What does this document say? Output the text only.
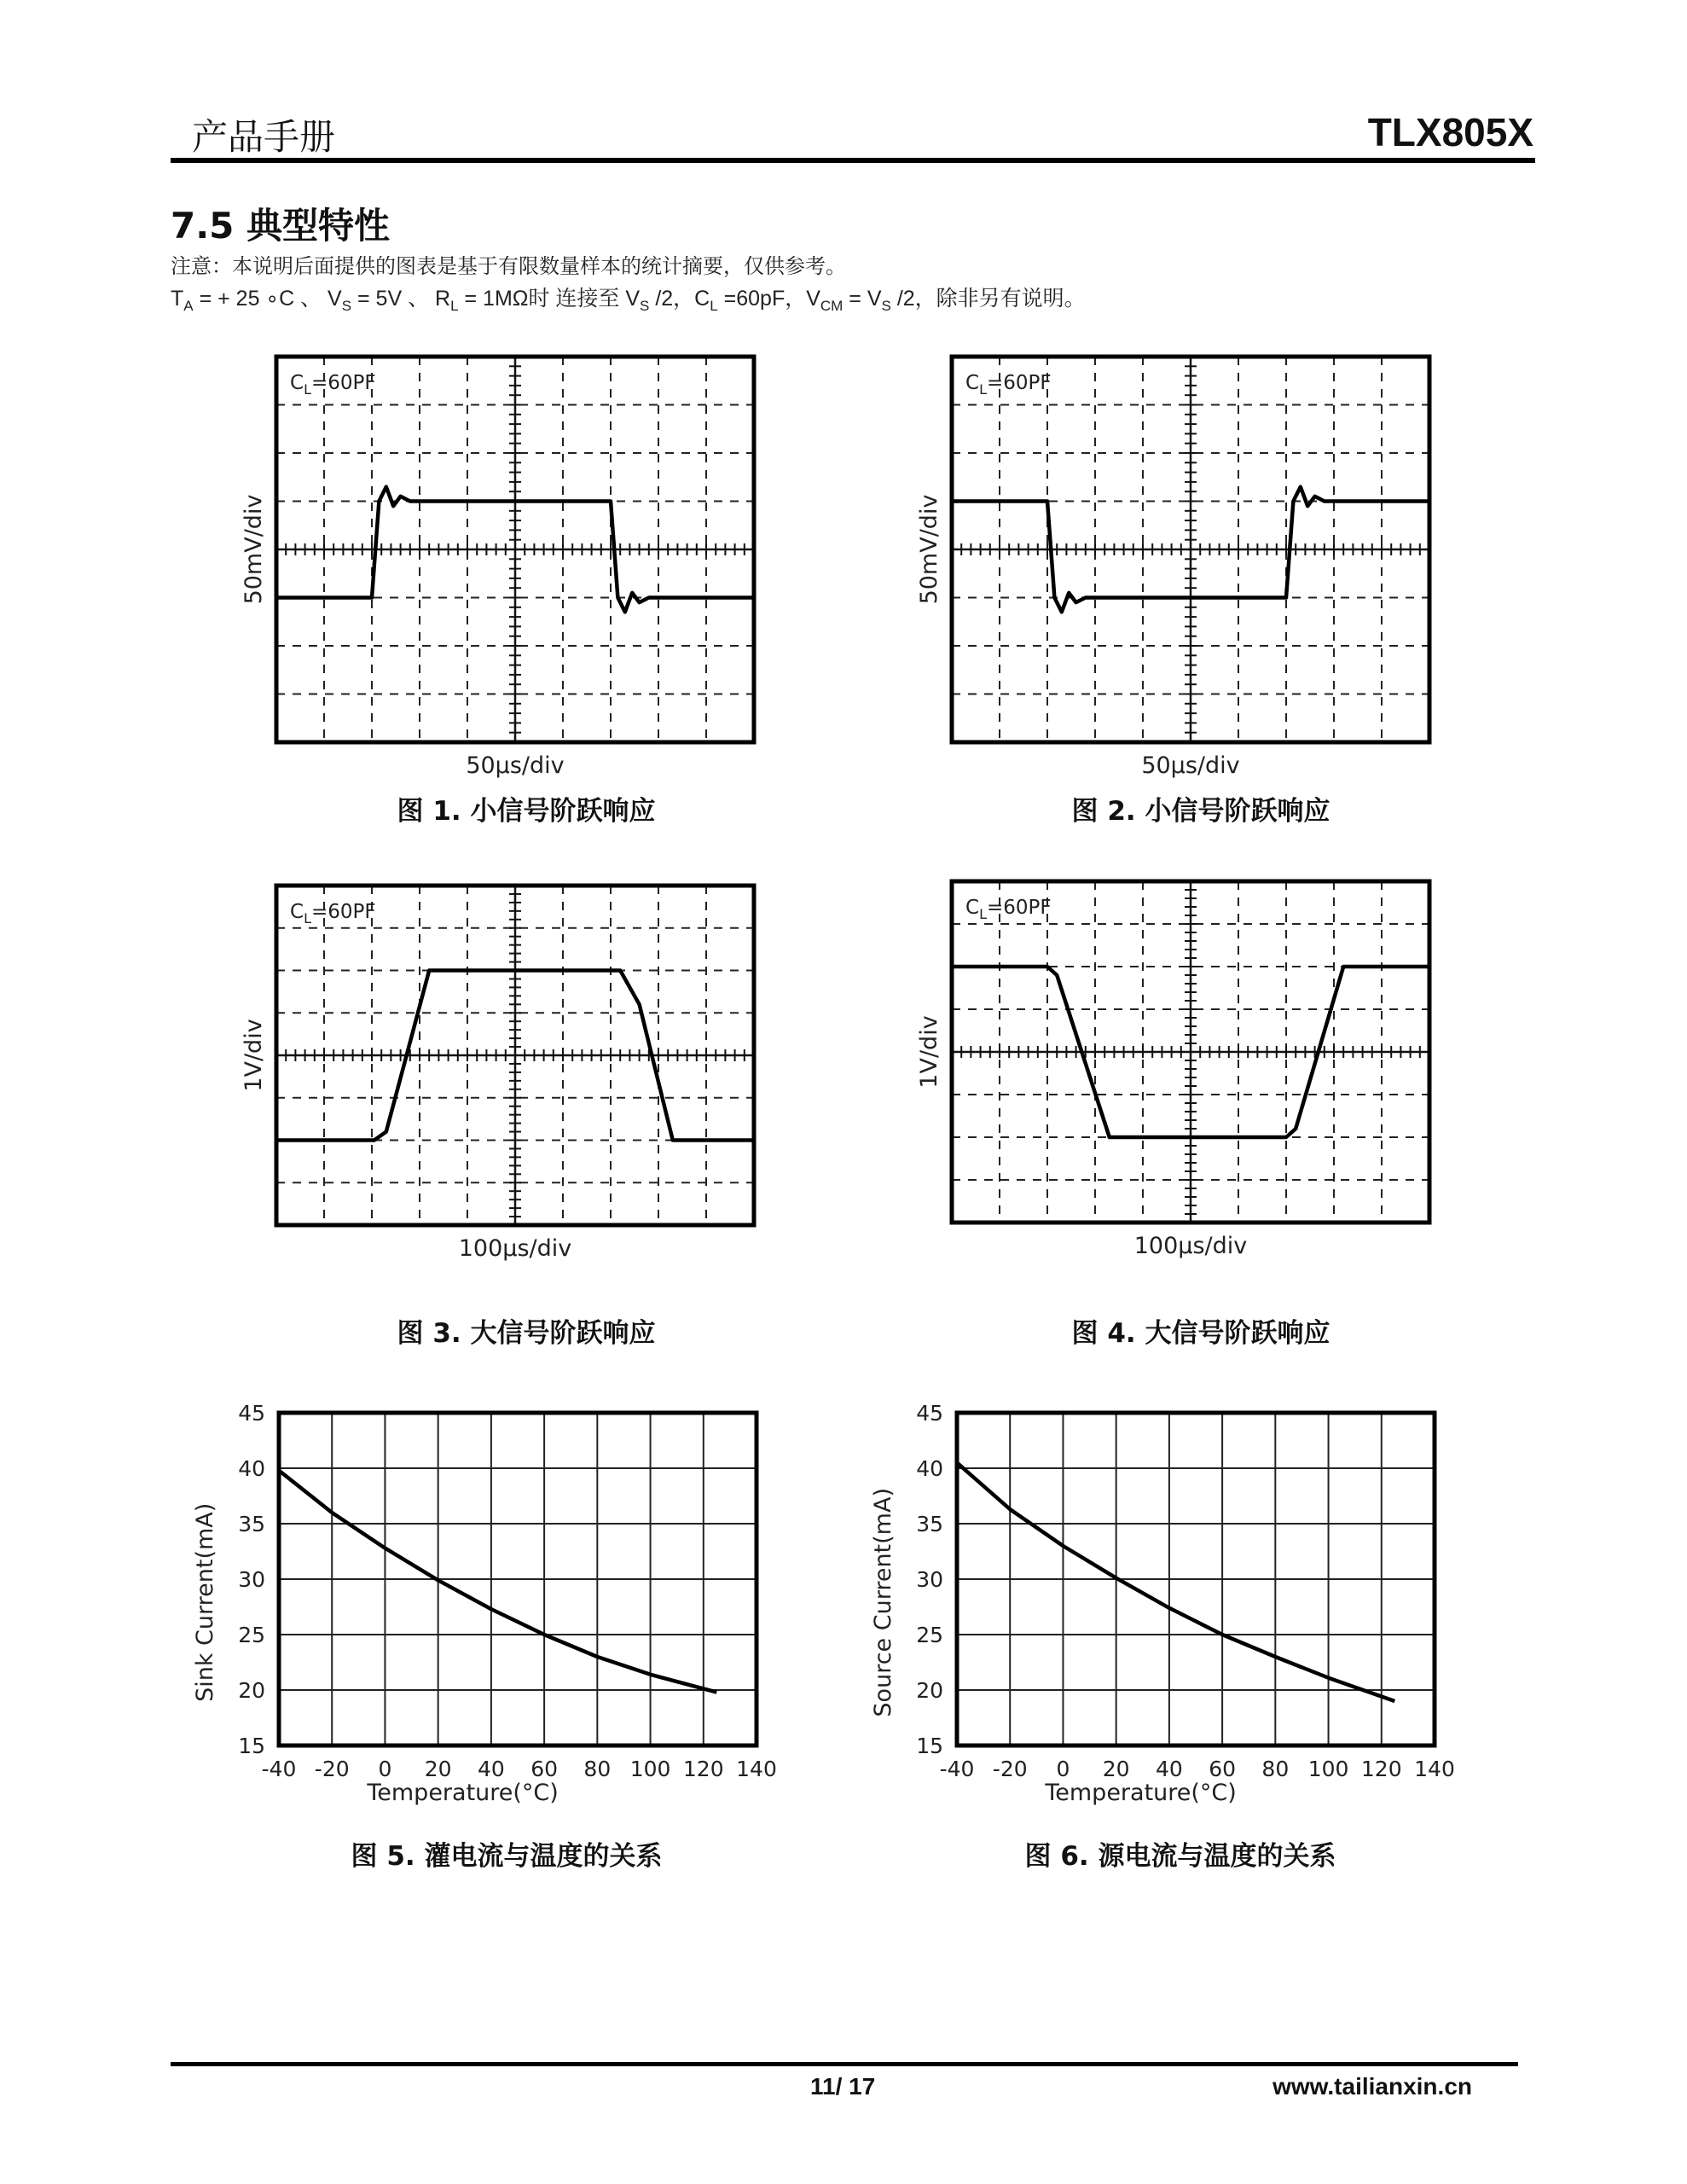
产品手册	TLX805X
7.5 典型特性
注意：本说明后面提供的图表是基于有限数量样本的统计摘要，仅供参考。
$T_A$ = + 25 ∘C 、 $V_S = 5V$ 、 $R_L = 1M\Omega$时 连接至 $V_S$ /2，$C_L =60pF$，$V_{CM} = V_S$ /2，除非另有说明。
$C_L=60PF$
50mV/div
50µs/div
$C_L=60PF$
50mV/div
50µs/div
$C_L=60PF$
1V/div
100µs/div
$C_L=60PF$
1V/div
100µs/div
图 1. 小信号阶跃响应	图 2. 小信号阶跃响应
图 3. 大信号阶跃响应	图 4. 大信号阶跃响应
-40 -20 0 20 40 60 80 100 120 140
15
20
25
30
35
40
45
Temperature(°C)
Sink Current(mA)
-40 -20 0 20 40 60 80 100 120 140
15
20
25
30
35
40
45
Temperature(°C)
Source Current(mA)
图 5. 灌电流与温度的关系	图 6. 源电流与温度的关系
11/ 17	www.tailianxin.cn
